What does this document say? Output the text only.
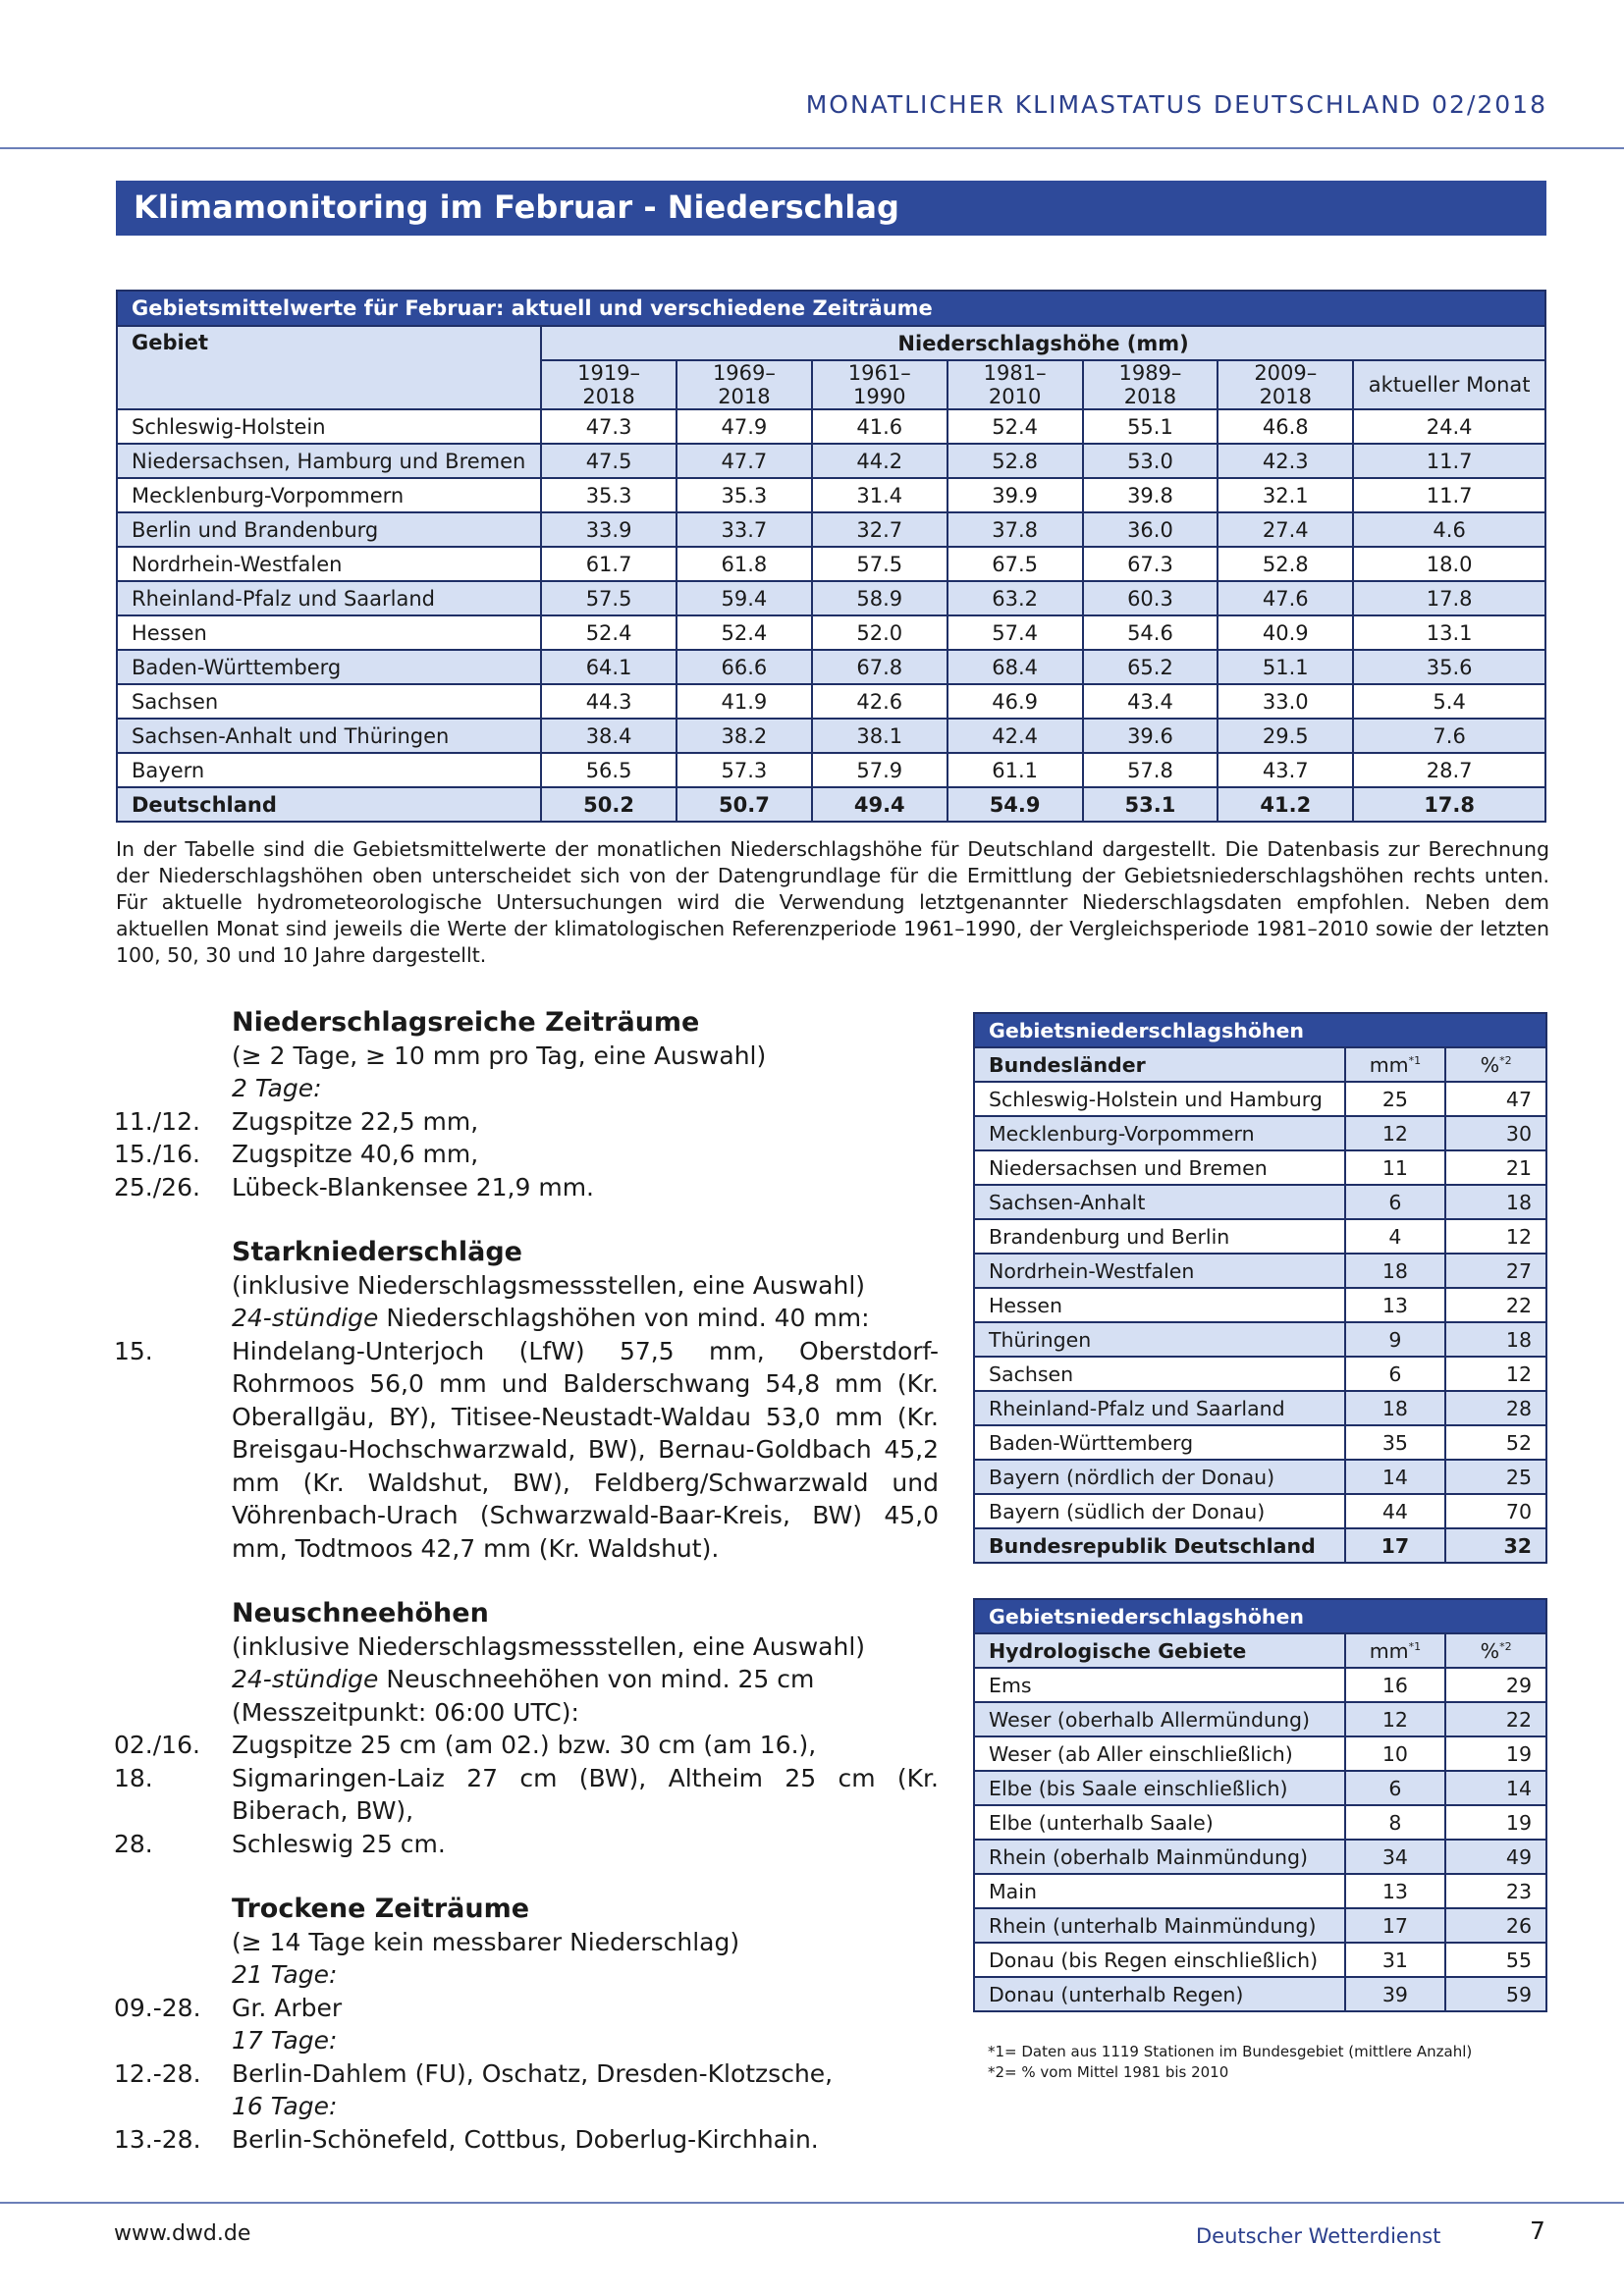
MONATLICHER KLIMASTATUS DEUTSCHLAND 02/2018
Klimamonitoring im Februar - Niederschlag
Gebietsmittelwerte für Februar: aktuell und verschiedene Zeiträume							
Gebiet	Niederschlagshöhe (mm)						
	1919–2018	1969–2018	1961–1990	1981–2010	1989–2018	2009–2018	aktueller Monat
Schleswig-Holstein	47.3	47.9	41.6	52.4	55.1	46.8	24.4
Niedersachsen, Hamburg und Bremen	47.5	47.7	44.2	52.8	53.0	42.3	11.7
Mecklenburg-Vorpommern	35.3	35.3	31.4	39.9	39.8	32.1	11.7
Berlin und Brandenburg	33.9	33.7	32.7	37.8	36.0	27.4	4.6
Nordrhein-Westfalen	61.7	61.8	57.5	67.5	67.3	52.8	18.0
Rheinland-Pfalz und Saarland	57.5	59.4	58.9	63.2	60.3	47.6	17.8
Hessen	52.4	52.4	52.0	57.4	54.6	40.9	13.1
Baden-Württemberg	64.1	66.6	67.8	68.4	65.2	51.1	35.6
Sachsen	44.3	41.9	42.6	46.9	43.4	33.0	5.4
Sachsen-Anhalt und Thüringen	38.4	38.2	38.1	42.4	39.6	29.5	7.6
Bayern	56.5	57.3	57.9	61.1	57.8	43.7	28.7
Deutschland	50.2	50.7	49.4	54.9	53.1	41.2	17.8
In der Tabelle sind die Gebietsmittelwerte der monatlichen Niederschlagshöhe für Deutschland dargestellt. Die Datenbasis zur Berechnung der Niederschlagshöhen oben unterscheidet sich von der Datengrundlage für die Ermittlung der Gebietsniederschlagshöhen rechts unten. Für aktuelle hydrometeorologische Untersuchungen wird die Verwendung letztgenannter Niederschlagsdaten empfohlen. Neben dem aktuellen Monat sind jeweils die Werte der klimatologischen Referenzperiode 1961–1990, der Vergleichsperiode 1981–2010 sowie der letzten 100, 50, 30 und 10 Jahre dargestellt.
Niederschlagsreiche Zeiträume
(≥ 2 Tage, ≥ 10 mm pro Tag, eine Auswahl)
2 Tage:
11./12.	Zugspitze 22,5 mm,
15./16.	Zugspitze 40,6 mm,
25./26.	Lübeck-Blankensee 21,9 mm.
Starkniederschläge
(inklusive Niederschlagsmessstellen, eine Auswahl)
24-stündige Niederschlagshöhen von mind. 40 mm:
15.	Hindelang-Unterjoch (LfW) 57,5 mm, Oberstdorf-Rohrmoos 56,0 mm und Balderschwang 54,8 mm (Kr. Oberallgäu, BY), Titisee-Neustadt-Waldau 53,0 mm (Kr. Breisgau-Hochschwarzwald, BW), Bernau-Goldbach 45,2 mm (Kr. Waldshut, BW), Feldberg/Schwarzwald und Vöhrenbach-Urach (Schwarzwald-Baar-Kreis, BW) 45,0 mm, Todtmoos 42,7 mm (Kr. Waldshut).
Neuschneehöhen
(inklusive Niederschlagsmessstellen, eine Auswahl)
24-stündige Neuschneehöhen von mind. 25 cm
(Messzeitpunkt: 06:00 UTC):
02./16.	Zugspitze 25 cm (am 02.) bzw. 30 cm (am 16.),
18.	Sigmaringen-Laiz 27 cm (BW), Altheim 25 cm (Kr. Biberach, BW),
28.	Schleswig 25 cm.
Trockene Zeiträume
(≥ 14 Tage kein messbarer Niederschlag)
21 Tage:
09.-28.	Gr. Arber
17 Tage:
12.-28.	Berlin-Dahlem (FU), Oschatz, Dresden-Klotzsche,
16 Tage:
13.-28.	Berlin-Schönefeld, Cottbus, Doberlug-Kirchhain.
Gebietsniederschlagshöhen		
Bundesländer	$mm^{*1}$	%$^{*2}$
Schleswig-Holstein und Hamburg	25	47
Mecklenburg-Vorpommern	12	30
Niedersachsen und Bremen	11	21
Sachsen-Anhalt	6	18
Brandenburg und Berlin	4	12
Nordrhein-Westfalen	18	27
Hessen	13	22
Thüringen	9	18
Sachsen	6	12
Rheinland-Pfalz und Saarland	18	28
Baden-Württemberg	35	52
Bayern (nördlich der Donau)	14	25
Bayern (südlich der Donau)	44	70
Bundesrepublik Deutschland	17	32
Gebietsniederschlagshöhen		
Hydrologische Gebiete	$mm^{*1}$	%$^{*2}$
Ems	16	29
Weser (oberhalb Allermündung)	12	22
Weser (ab Aller einschließlich)	10	19
Elbe (bis Saale einschließlich)	6	14
Elbe (unterhalb Saale)	8	19
Rhein (oberhalb Mainmündung)	34	49
Main	13	23
Rhein (unterhalb Mainmündung)	17	26
Donau (bis Regen einschließlich)	31	55
Donau (unterhalb Regen)	39	59
*1= Daten aus 1119 Stationen im Bundesgebiet (mittlere Anzahl)
*2= % vom Mittel 1981 bis 2010
www.dwd.de	Deutscher Wetterdienst	7
